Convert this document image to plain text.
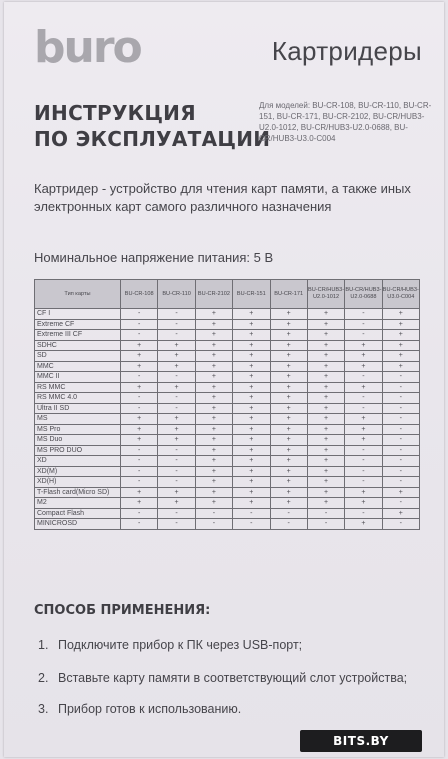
buro	Картридеры
ИНСТРУКЦИЯ
ПО ЭКСПЛУАТАЦИИ
Для моделей: BU-CR-108, BU-CR-110, BU-CR-151, BU-CR-171, BU-CR-2102, BU-CR/HUB3-U2.0-1012, BU-CR/HUB3-U2.0-0688, BU-CR/HUB3-U3.0-C004
Картридер - устройство для чтения карт памяти, а также иных электронных карт самого различного назначения
Номинальное напряжение питания: 5 В
Тип карты	BU-CR-108	BU-CR-110	BU-CR-2102	BU-CR-151	BU-CR-171	BU-CR/HUB3-U2.0-1012	BU-CR/HUB3-U2.0-0688	BU-CR/HUB3-U3.0-C004
CF I	-	-	+	+	+	+	-	+
Extreme CF	-	-	+	+	+	+	-	+
Extreme III CF	-	-	+	+	+	+	-	+
SDHC	+	+	+	+	+	+	+	+
SD	+	+	+	+	+	+	+	+
MMC	+	+	+	+	+	+	+	+
MMC II	-	-	+	+	+	+	-	-
RS MMC	+	+	+	+	+	+	+	-
RS MMC 4.0	-	-	+	+	+	+	-	-
Ultra II SD	-	-	+	+	+	+	-	-
MS	+	+	+	+	+	+	+	-
MS Pro	+	+	+	+	+	+	+	-
MS Duo	+	+	+	+	+	+	+	-
MS PRO DUO	-	-	+	+	+	+	-	-
XD	-	-	+	+	+	+	-	-
XD(M)	-	-	+	+	+	+	-	-
XD(H)	-	-	+	+	+	+	-	-
T-Flash card(Micro SD)	+	+	+	+	+	+	+	+
M2	+	+	+	+	+	+	+	-
Compact Flash	-	-	-	-	-	-	-	+
MINICROSD	-	-	-	-	-	-	+	-
СПОСОБ ПРИМЕНЕНИЯ:
1. Подключите прибор к ПК через USB-порт;
2. Вставьте карту памяти в соответствующий слот устройства;
3. Прибор готов к использованию.
BITS.BY
